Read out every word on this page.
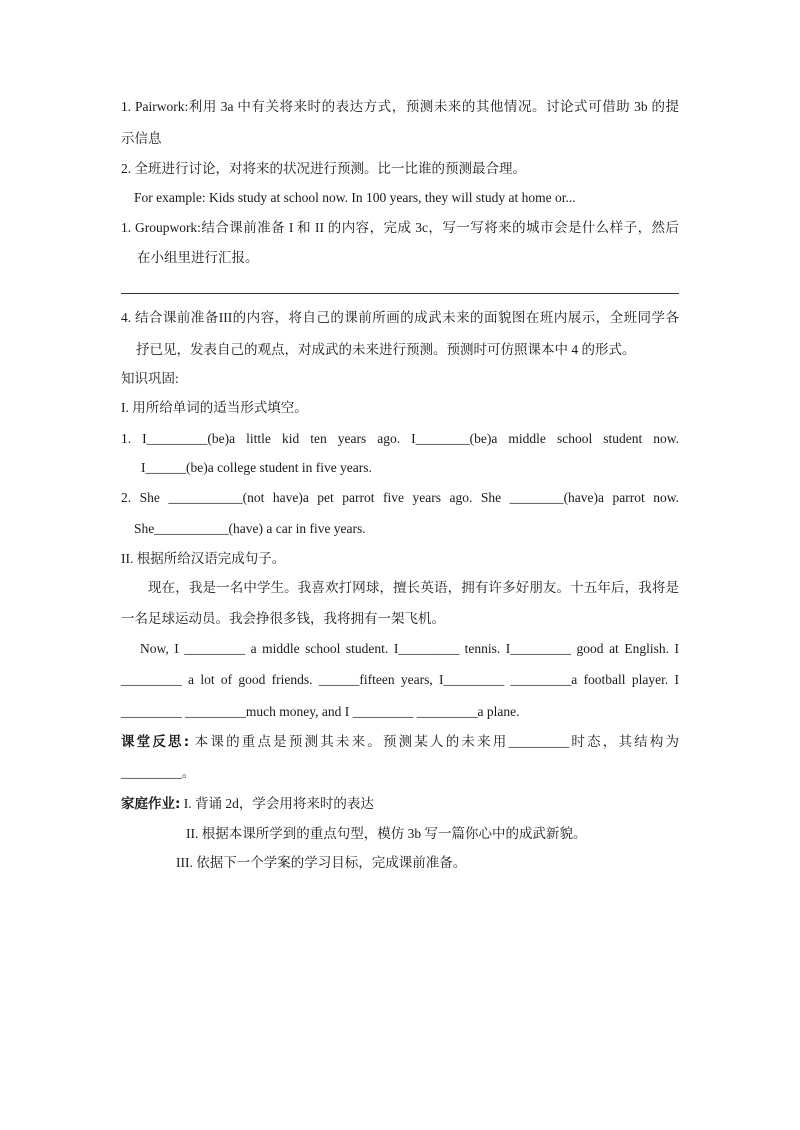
1. Pairwork:利用 3a 中有关将来时的表达方式，预测未来的其他情况。讨论式可借助 3b 的提
示信息
2. 全班进行讨论，对将来的状况进行预测。比一比谁的预测最合理。
For example: Kids study at school now. In 100 years, they will study at home or...
1. Groupwork:结合课前准备 I 和 II 的内容，完成 3c，写一写将来的城市会是什么样子，然后
在小组里进行汇报。
4. 结合课前准备III的内容，将自己的课前所画的成武未来的面貌图在班内展示，全班同学各
抒已见，发表自己的观点，对成武的未来进行预测。预测时可仿照课本中 4 的形式。
知识巩固:
I. 用所给单词的适当形式填空。
1. I_________(be)a little kid ten years ago. I________(be)a middle school student now.
I______(be)a college student in five years.
2. She ___________(not have)a pet parrot five years ago. She ________(have)a parrot now.
She___________(have) a car in five years.
II. 根据所给汉语完成句子。
现在，我是一名中学生。我喜欢打网球，擅长英语，拥有许多好朋友。十五年后，我将是
一名足球运动员。我会挣很多钱，我将拥有一架飞机。
Now, I _________ a middle school student. I_________ tennis. I_________ good at English. I
_________ a lot of good friends. ______fifteen years, I_________ _________a football player. I
_________ _________much money, and I _________ _________a plane.
课堂反思: 本课的重点是预测其未来。预测某人的未来用_________时态，其结构为
_________。
家庭作业: I. 背诵 2d，学会用将来时的表达
II. 根据本课所学到的重点句型，模仿 3b 写一篇你心中的成武新貌。
III. 依据下一个学案的学习目标，完成课前准备。
